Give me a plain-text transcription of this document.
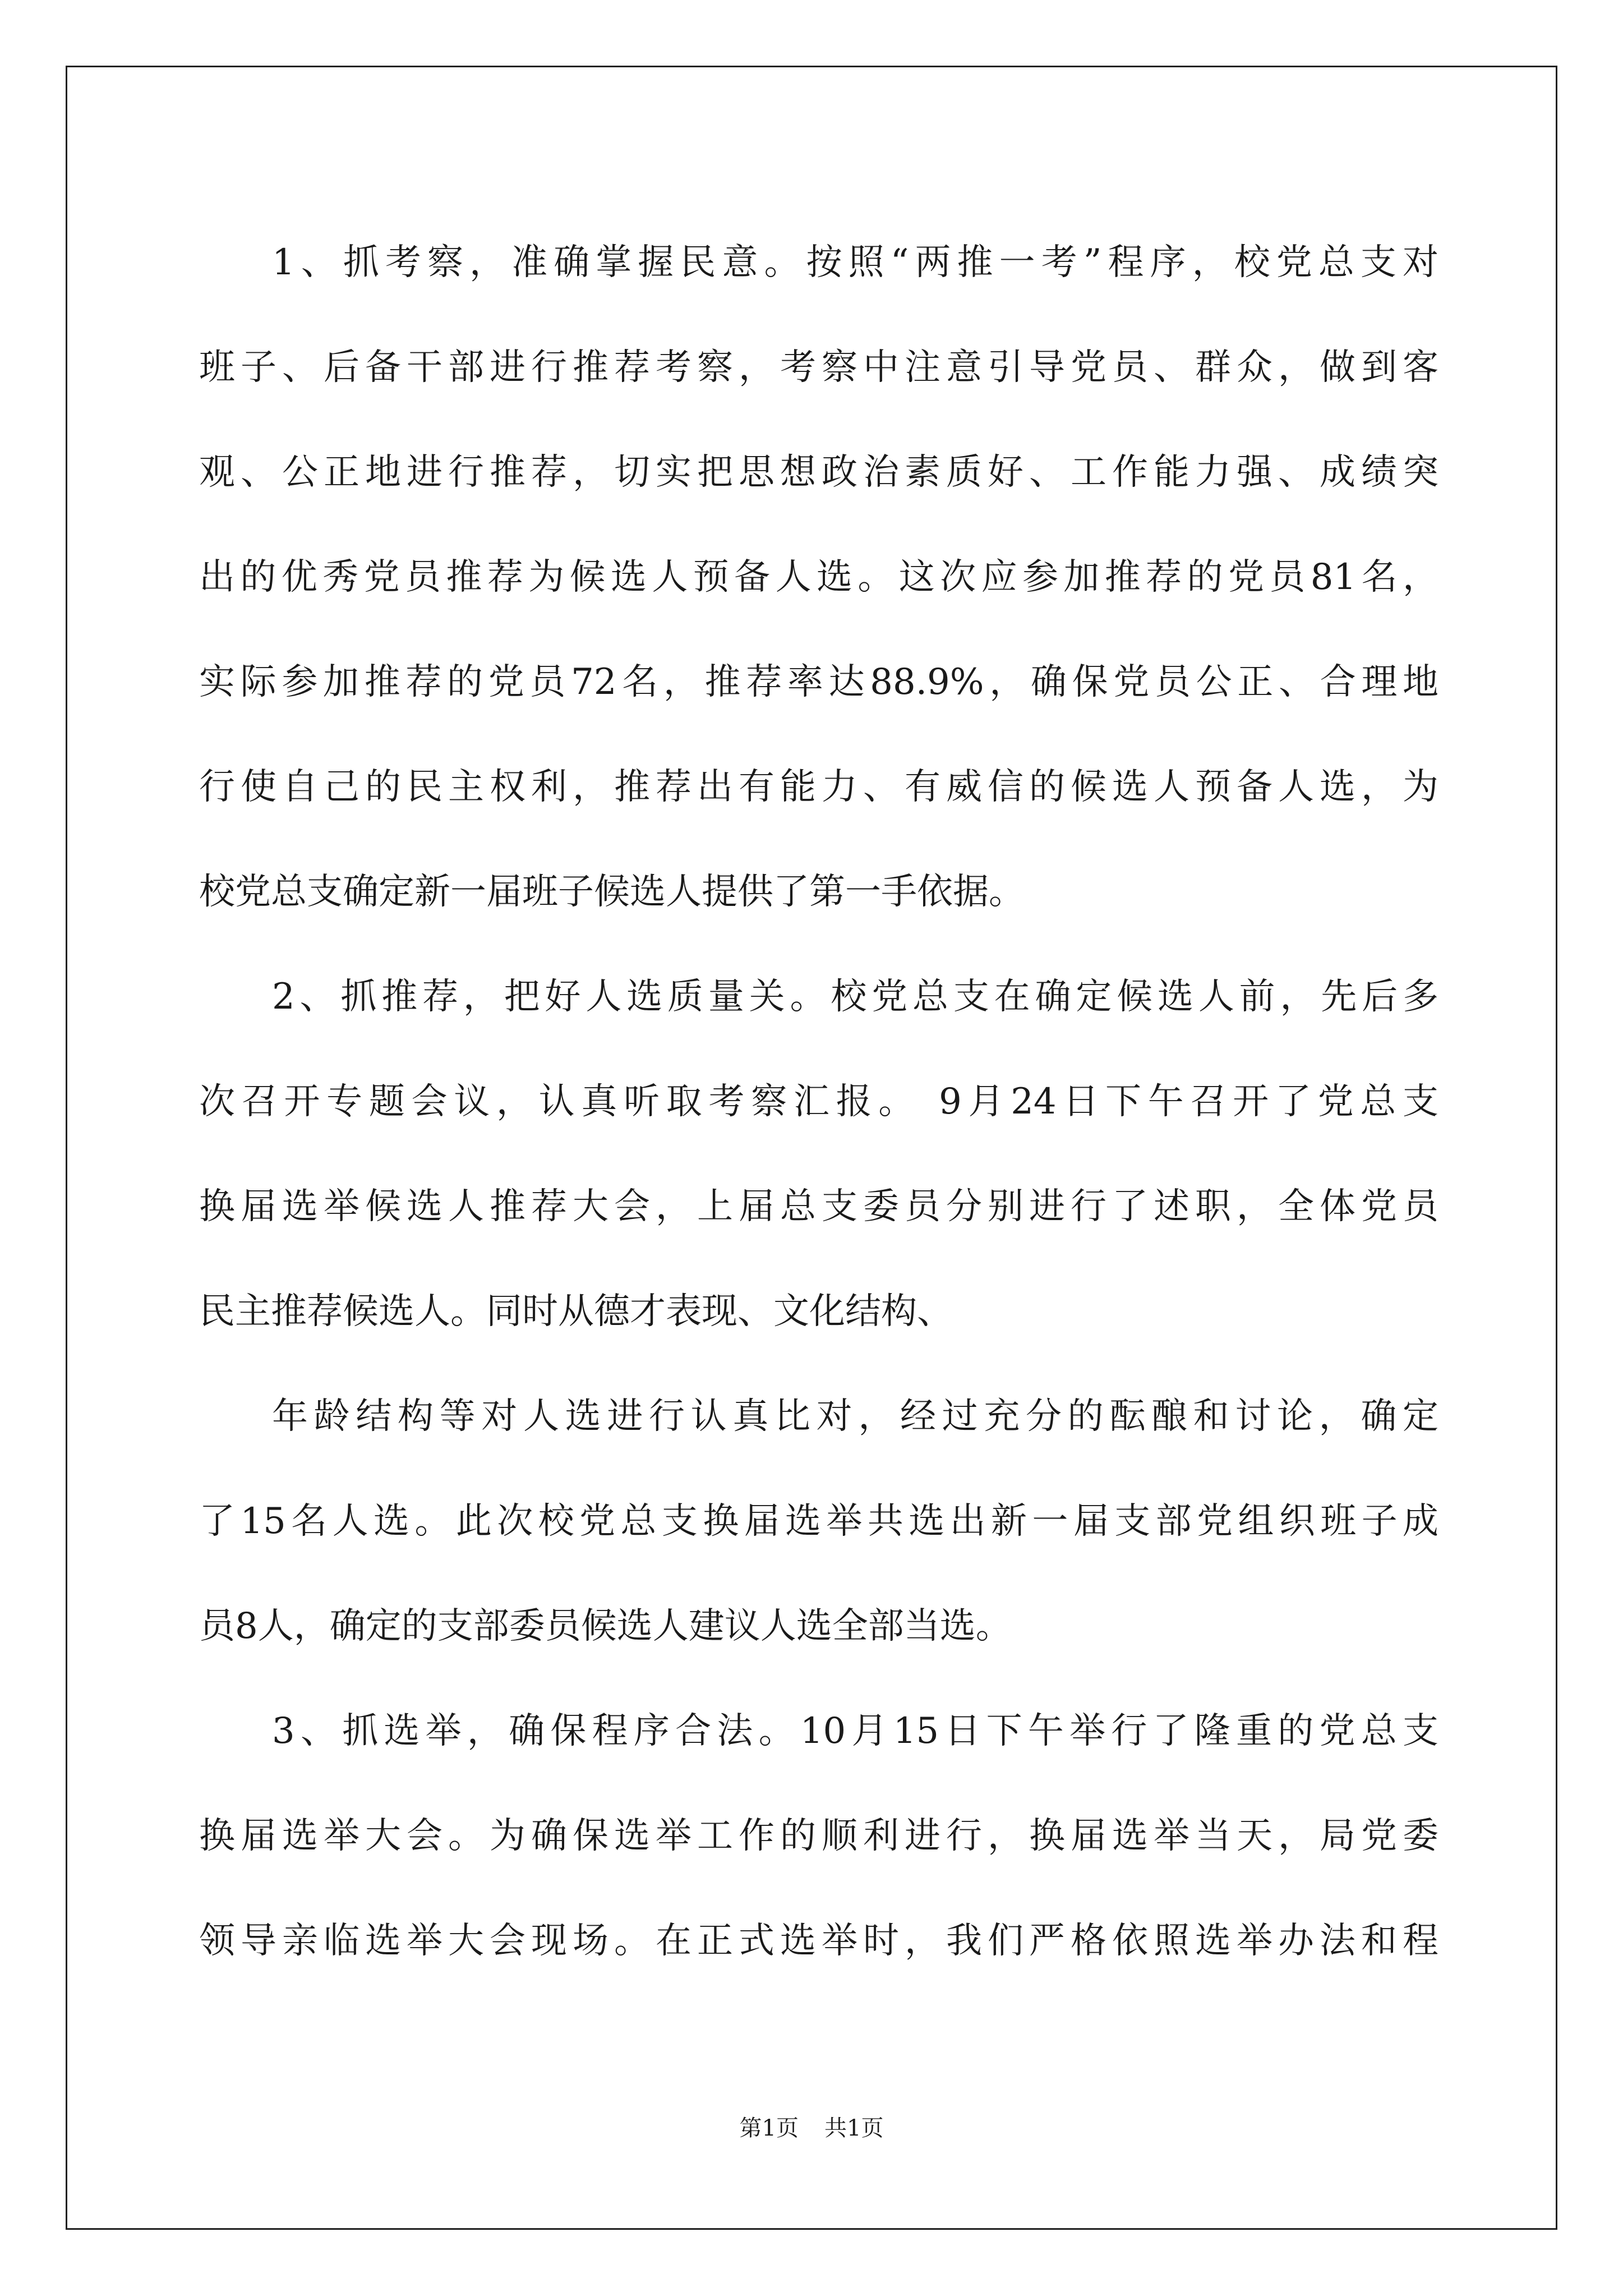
1、抓考察，准确掌握民意。按照“两推一考”程序，校党总支对
班子、后备干部进行推荐考察，考察中注意引导党员、群众，做到客
观、公正地进行推荐，切实把思想政治素质好、工作能力强、成绩突
出的优秀党员推荐为候选人预备人选。这次应参加推荐的党员81名，
实际参加推荐的党员72名，推荐率达88.9%，确保党员公正、合理地
行使自己的民主权利，推荐出有能力、有威信的候选人预备人选，为
校党总支确定新一届班子候选人提供了第一手依据。
2、抓推荐，把好人选质量关。校党总支在确定候选人前，先后多
次召开专题会议，认真听取考察汇报。 9月24日下午召开了党总支
换届选举候选人推荐大会，上届总支委员分别进行了述职，全体党员
民主推荐候选人。同时从德才表现、文化结构、
年龄结构等对人选进行认真比对，经过充分的酝酿和讨论，确定
了15名人选。此次校党总支换届选举共选出新一届支部党组织班子成
员8人，确定的支部委员候选人建议人选全部当选。
3、抓选举，确保程序合法。10月15日下午举行了隆重的党总支
换届选举大会。为确保选举工作的顺利进行，换届选举当天，局党委
领导亲临选举大会现场。在正式选举时，我们严格依照选举办法和程
第1页 共1页
